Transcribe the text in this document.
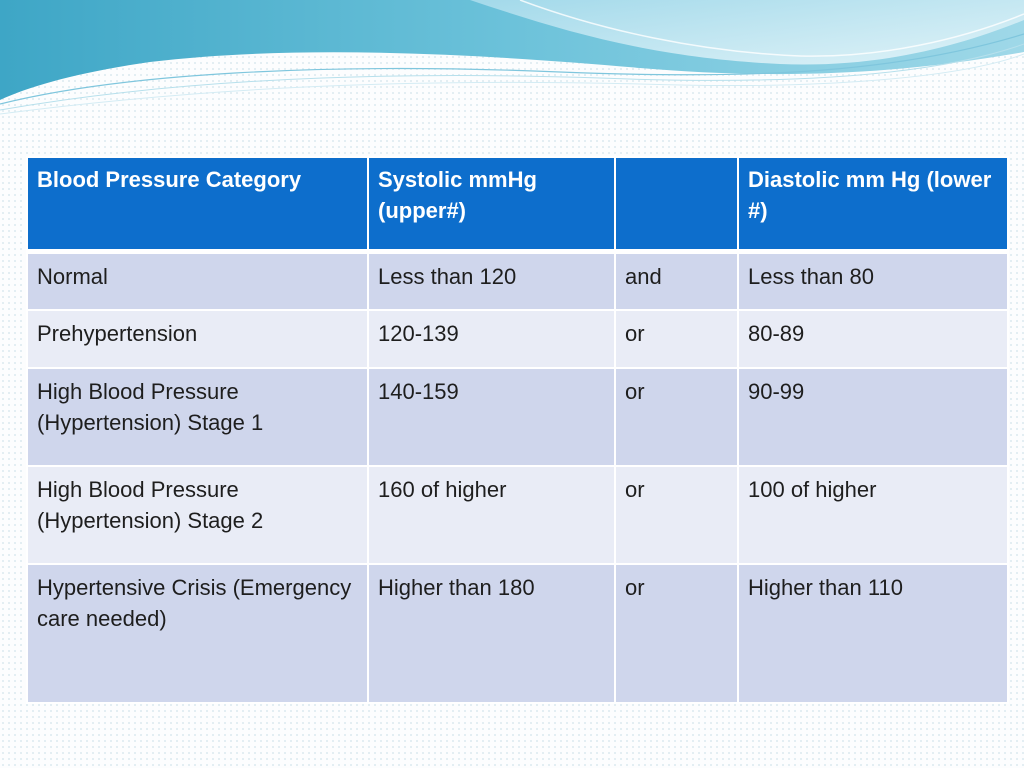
Blood Pressure Category	Systolic mmHg (upper#)		Diastolic mm Hg (lower #)
Normal	Less than 120	and	Less than 80
Prehypertension	120-139	or	80-89
High Blood Pressure (Hypertension) Stage 1	140-159	or	90-99
High Blood Pressure (Hypertension) Stage 2	160 of higher	or	100 of higher
Hypertensive Crisis (Emergency care needed)	Higher than 180	or	Higher than 110
